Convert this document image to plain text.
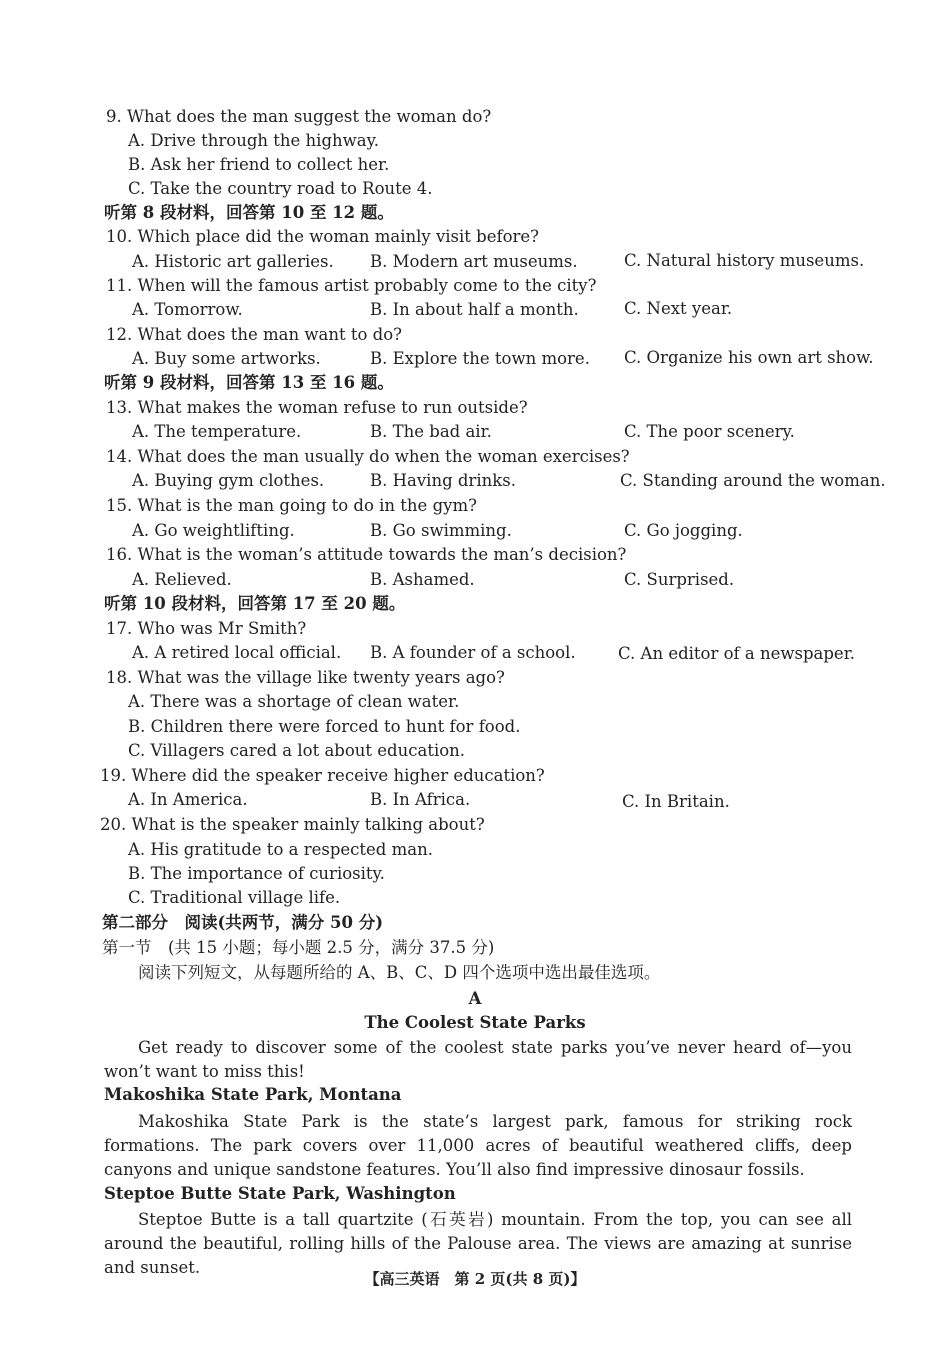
9. What does the man suggest the woman do?
A. Drive through the highway.
B. Ask her friend to collect her.
C. Take the country road to Route 4.
听第 8 段材料，回答第 10 至 12 题。
10. Which place did the woman mainly visit before?
A. Historic art galleries. B. Modern art museums.	C. Natural history museums.
11. When will the famous artist probably come to the city?
A. Tomorrow.	B. In about half a month.	C. Next year.
12. What does the man want to do?
A. Buy some artworks.	B. Explore the town more. C. Organize his own art show.
听第 9 段材料，回答第 13 至 16 题。
13. What makes the woman refuse to run outside?
A. The temperature.	B. The bad air.	C. The poor scenery.
14. What does the man usually do when the woman exercises?
A. Buying gym clothes.	B. Having drinks.	C. Standing around the woman.
15. What is the man going to do in the gym?
A. Go weightlifting.	B. Go swimming.	C. Go jogging.
16. What is the woman’s attitude towards the man’s decision?
A. Relieved.	B. Ashamed.	C. Surprised.
听第 10 段材料，回答第 17 至 20 题。
17. Who was Mr Smith?
A. A retired local official. B. A founder of a school.	C. An editor of a newspaper.
18. What was the village like twenty years ago?
A. There was a shortage of clean water.
B. Children there were forced to hunt for food.
C. Villagers cared a lot about education.
19. Where did the speaker receive higher education?
A. In America.	B. In Africa.	C. In Britain.
20. What is the speaker mainly talking about?
A. His gratitude to a respected man.
B. The importance of curiosity.
C. Traditional village life.
第二部分　阅读(共两节，满分 50 分)
第一节　(共 15 小题；每小题 2.5 分，满分 37.5 分)
阅读下列短文，从每题所给的 A、B、C、D 四个选项中选出最佳选项。
A
The Coolest State Parks
Get ready to discover some of the coolest state parks you’ve never heard of—you won’t want to miss this!
Makoshika State Park, Montana
Makoshika State Park is the state’s largest park, famous for striking rock formations. The park covers over 11,000 acres of beautiful weathered cliffs, deep canyons and unique sandstone features. You’ll also find impressive dinosaur fossils.
Steptoe Butte State Park, Washington
Steptoe Butte is a tall quartzite (石英岩) mountain. From the top, you can see all around the beautiful, rolling hills of the Palouse area. The views are amazing at sunrise and sunset.
【高三英语　第 2 页(共 8 页)】
